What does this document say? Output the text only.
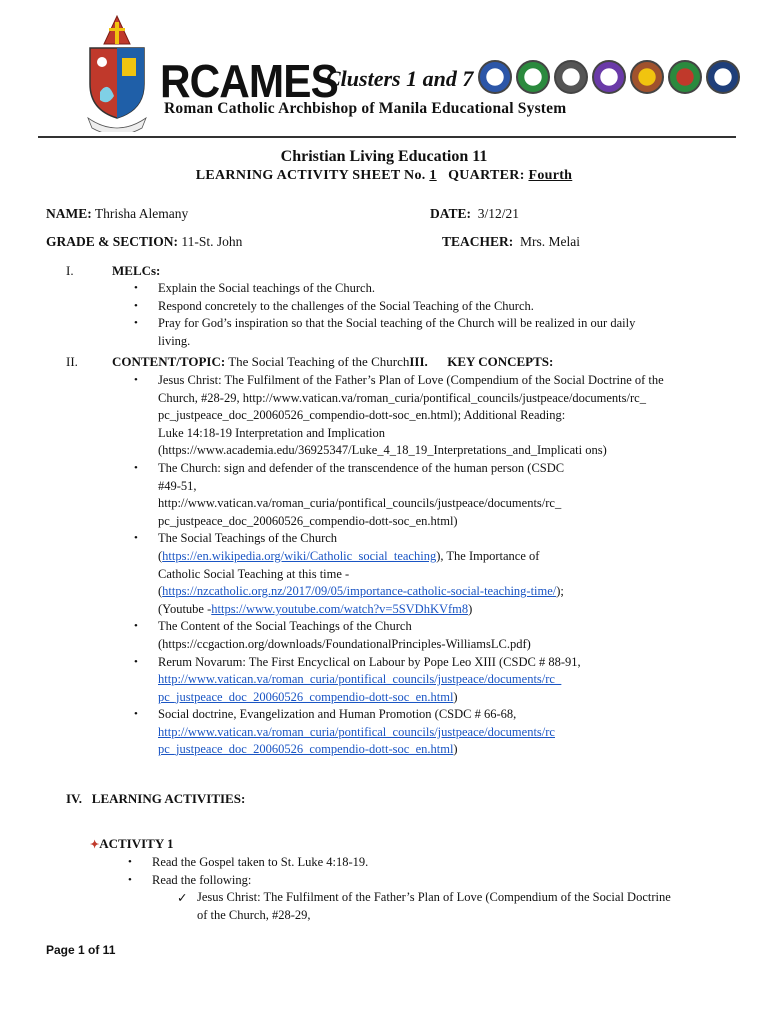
RCAMES
Clusters 1 and 7
Roman Catholic Archbishop of Manila Educational System
Christian Living Education 11
LEARNING ACTIVITY SHEET No. 1 QUARTER: Fourth
NAME: Thrisha Alemany	DATE: 3/12/21
GRADE & SECTION: 11-St. John	TEACHER: Mrs. Melai
I.	MELCs:
• Explain the Social teachings of the Church.
• Respond concretely to the challenges of the Social Teaching of the Church.
• Pray for God’s inspiration so that the Social teaching of the Church will be realized in our daily
living.
II.	CONTENT/TOPIC: The Social Teaching of the ChurchIII.      KEY CONCEPTS:
• Jesus Christ: The Fulfilment of the Father’s Plan of Love (Compendium of the Social Doctrine of the
Church, #28-29, http://www.vatican.va/roman_curia/pontifical_councils/justpeace/documents/rc_
pc_justpeace_doc_20060526_compendio-dott-soc_en.html); Additional Reading:
Luke 14:18-19 Interpretation and Implication
(https://www.academia.edu/36925347/Luke_4_18_19_Interpretations_and_Implicati ons)
• The Church: sign and defender of the transcendence of the human person (CSDC
#49-51,
http://www.vatican.va/roman_curia/pontifical_councils/justpeace/documents/rc_
pc_justpeace_doc_20060526_compendio-dott-soc_en.html)
• The Social Teachings of the Church
(https://en.wikipedia.org/wiki/Catholic_social_teaching), The Importance of
Catholic Social Teaching at this time -
(https://nzcatholic.org.nz/2017/09/05/importance-catholic-social-teaching-time/);
(Youtube -https://www.youtube.com/watch?v=5SVDhKVfm8)
• The Content of the Social Teachings of the Church
(https://ccgaction.org/downloads/FoundationalPrinciples-WilliamsLC.pdf)
• Rerum Novarum: The First Encyclical on Labour by Pope Leo XIII (CSDC # 88-91,
http://www.vatican.va/roman_curia/pontifical_councils/justpeace/documents/rc_
pc_justpeace_doc_20060526_compendio-dott-soc_en.html)
• Social doctrine, Evangelization and Human Promotion (CSDC # 66-68,
http://www.vatican.va/roman_curia/pontifical_councils/justpeace/documents/rc
pc_justpeace_doc_20060526_compendio-dott-soc_en.html)
IV.   LEARNING ACTIVITIES:
✦ACTIVITY 1
• Read the Gospel taken to St. Luke 4:18-19.
• Read the following:
Jesus Christ: The Fulfilment of the Father’s Plan of Love (Compendium of the Social Doctrine
of the Church, #28-29,
Page 1 of 11
